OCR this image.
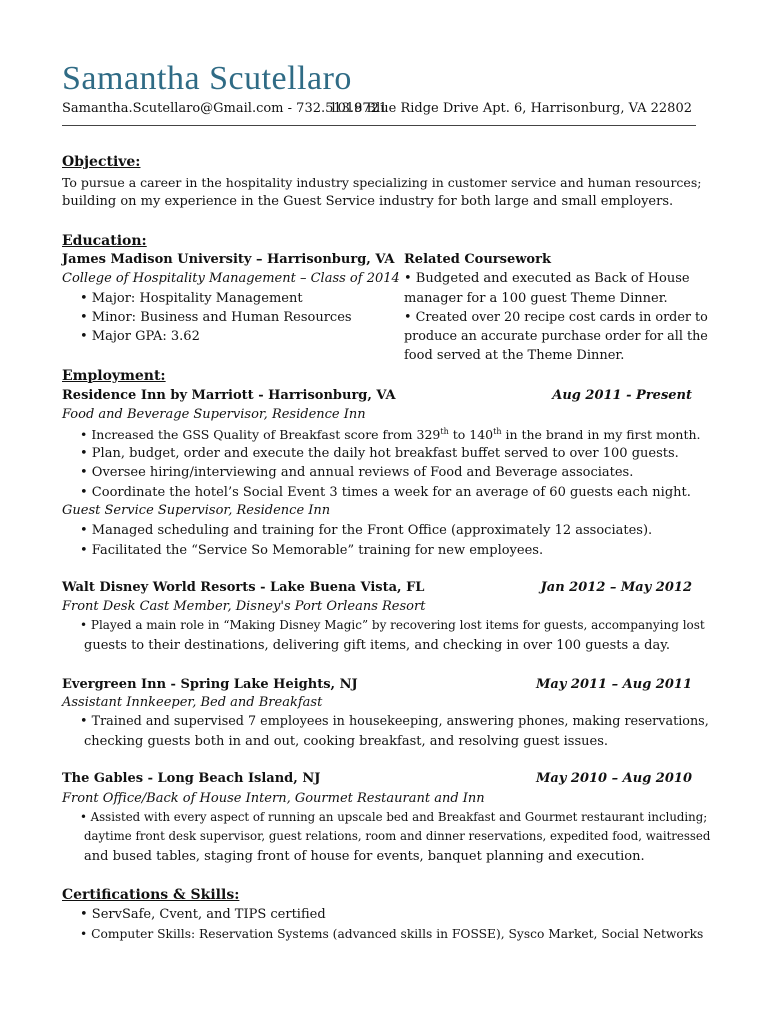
Samantha Scutellaro
Samantha.Scutellaro@Gmail.com - 732.513.9721
1018 Blue Ridge Drive Apt. 6, Harrisonburg, VA 22802
Objective:
To pursue a career in the hospitality industry specializing in customer service and human resources;
building on my experience in the Guest Service industry for both large and small employers.
Education:
James Madison University – Harrisonburg, VA
College of Hospitality Management – Class of 2014
• Major: Hospitality Management
• Minor: Business and Human Resources
• Major GPA: 3.62
Related Coursework
• Budgeted and executed as Back of House
manager for a 100 guest Theme Dinner.
• Created over 20 recipe cost cards in order to
produce an accurate purchase order for all the
food served at the Theme Dinner.
Employment:
Residence Inn by Marriott - Harrisonburg, VA	Aug 2011 - Present
Food and Beverage Supervisor, Residence Inn
• Increased the GSS Quality of Breakfast score from 329th to 140th in the brand in my first month.
• Plan, budget, order and execute the daily hot breakfast buffet served to over 100 guests.
• Oversee hiring/interviewing and annual reviews of Food and Beverage associates.
• Coordinate the hotel’s Social Event 3 times a week for an average of 60 guests each night.
Guest Service Supervisor, Residence Inn
• Managed scheduling and training for the Front Office (approximately 12 associates).
• Facilitated the “Service So Memorable” training for new employees.
Walt Disney World Resorts - Lake Buena Vista, FL	Jan 2012 – May 2012
Front Desk Cast Member, Disney's Port Orleans Resort
• Played a main role in “Making Disney Magic” by recovering lost items for guests, accompanying lost
guests to their destinations, delivering gift items, and checking in over 100 guests a day.
Evergreen Inn - Spring Lake Heights, NJ	May 2011 – Aug 2011
Assistant Innkeeper, Bed and Breakfast
• Trained and supervised 7 employees in housekeeping, answering phones, making reservations,
checking guests both in and out, cooking breakfast, and resolving guest issues.
The Gables - Long Beach Island, NJ	May 2010 – Aug 2010
Front Office/Back of House Intern, Gourmet Restaurant and Inn
• Assisted with every aspect of running an upscale bed and Breakfast and Gourmet restaurant including;
daytime front desk supervisor, guest relations, room and dinner reservations, expedited food, waitressed
and bused tables, staging front of house for events, banquet planning and execution.
Certifications & Skills:
• ServSafe, Cvent, and TIPS certified
• Computer Skills: Reservation Systems (advanced skills in FOSSE), Sysco Market, Social Networks
